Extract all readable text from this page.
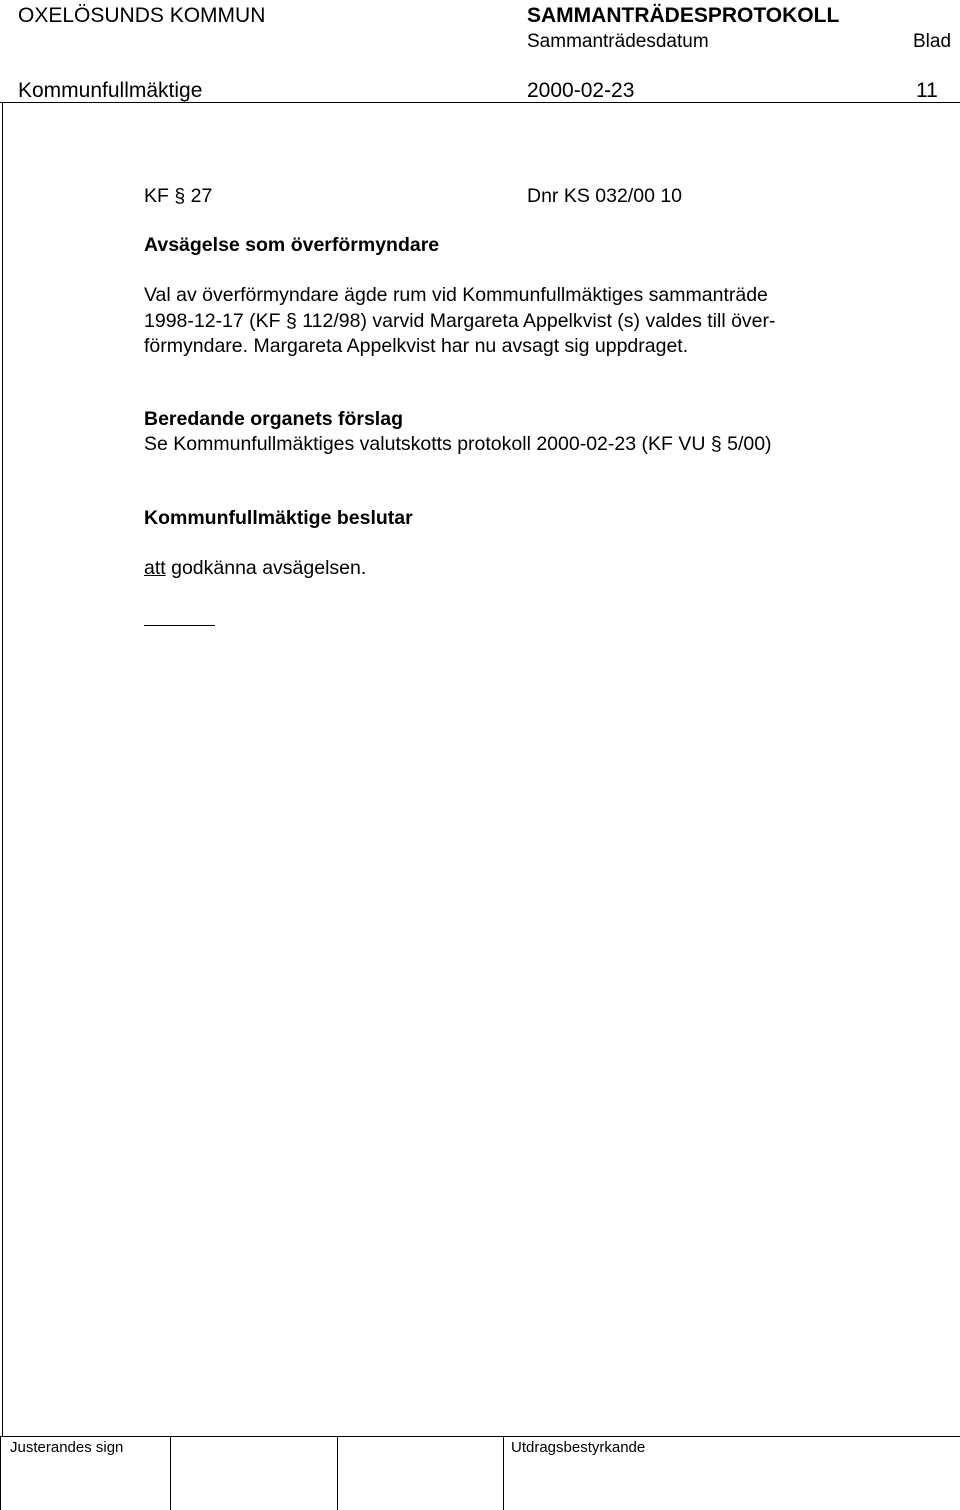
OXELÖSUNDS KOMMUN	SAMMANTRÄDESPROTOKOLL
Sammanträdesdatum	Blad
Kommunfullmäktige	2000-02-23	11
KF § 27	Dnr KS 032/00 10
Avsägelse som överförmyndare
Val av överförmyndare ägde rum vid Kommunfullmäktiges sammanträde
1998-12-17 (KF § 112/98) varvid Margareta Appelkvist (s) valdes till över-
förmyndare. Margareta Appelkvist har nu avsagt sig uppdraget.
Beredande organets förslag
Se Kommunfullmäktiges valutskotts protokoll 2000-02-23 (KF VU § 5/00)
Kommunfullmäktige beslutar
att godkänna avsägelsen.
Justerandes sign	Utdragsbestyrkande
